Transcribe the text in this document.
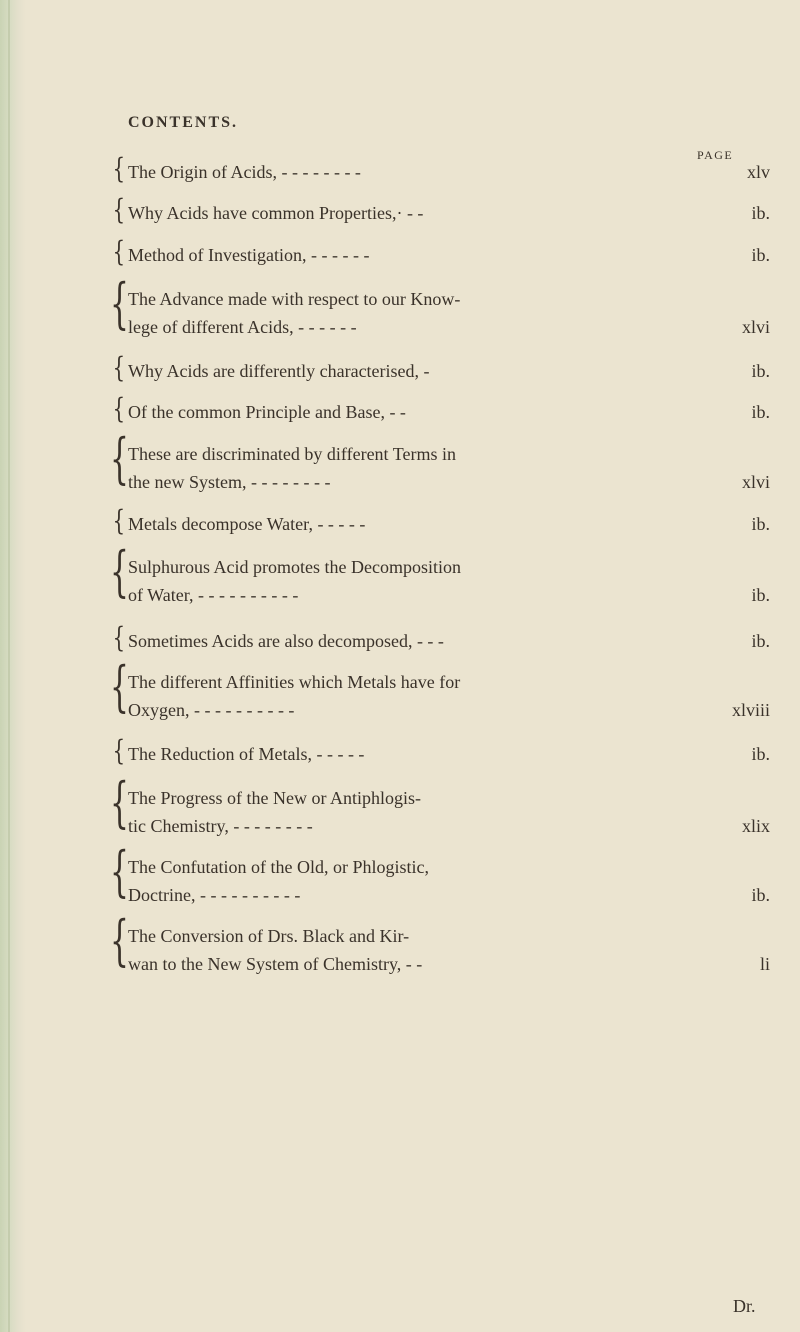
CONTENTS.
PAGE
{ The Origin of Acids, - - - - - - - -	xlv
{ Why Acids have common Properties,· - -	ib.
{ Method of Investigation, - - - - - -	ib.
{ The Advance made with respect to our Know-
lege of different Acids, - - - - - -	xlvi
{ Why Acids are differently characterised, -	ib.
{ Of the common Principle and Base, - -	ib.
{ These are discriminated by different Terms in
the new System, - - - - - - - -	xlvi
{ Metals decompose Water, - - - - -	ib.
{ Sulphurous Acid promotes the Decomposition
of Water, - - - - - - - - - -	ib.
{ Sometimes Acids are also decomposed, - - -	ib.
{ The different Affinities which Metals have for
Oxygen, - - - - - - - - - -	xlviii
{ The Reduction of Metals, - - - - -	ib.
{ The Progress of the New or Antiphlogis-
tic Chemistry, - - - - - - - -	xlix
{ The Confutation of the Old, or Phlogistic,
Doctrine, - - - - - - - - - -	ib.
{ The Conversion of Drs. Black and Kir-
wan to the New System of Chemistry, - -	li
Dr.
